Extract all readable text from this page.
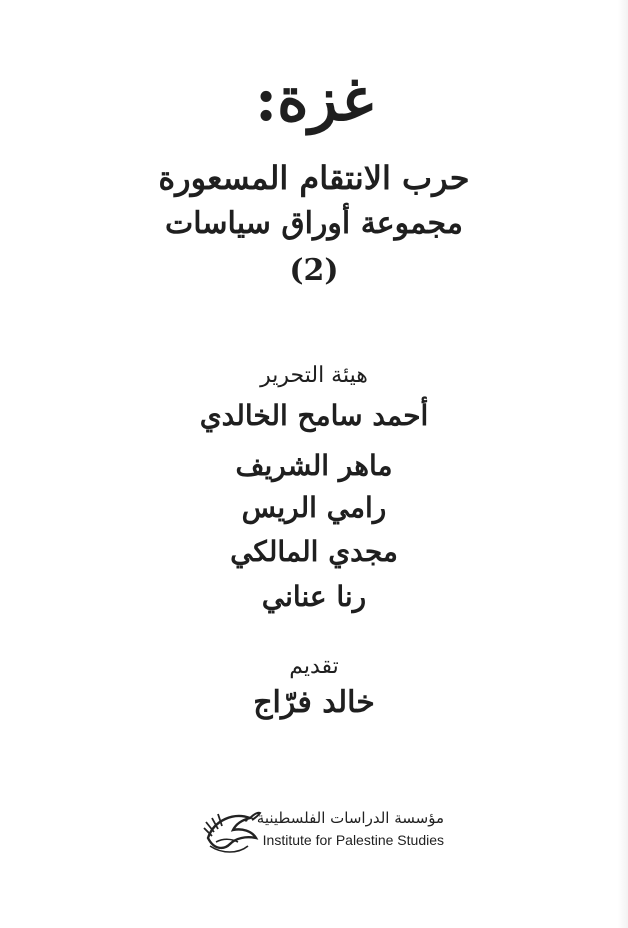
غزة:
حرب الانتقام المسعورة
مجموعة أوراق سياسات
(2)
هيئة التحرير
أحمد سامح الخالدي
ماهر الشريف
رامي الريس
مجدي المالكي
رنا عناني
تقديم
خالد فرّاج
مؤسسة الدراسات الفلسطينية
Institute for Palestine Studies
